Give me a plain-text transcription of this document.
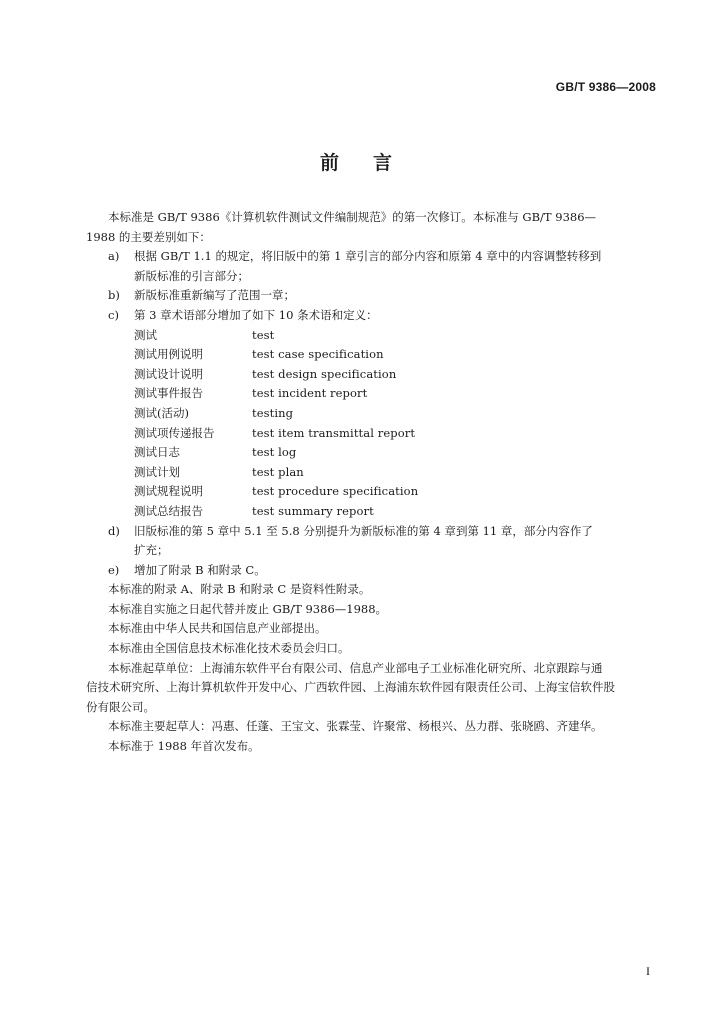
GB/T 9386—2008
前言
本标准是 GB/T 9386《计算机软件测试文件编制规范》的第一次修订。本标准与 GB/T 9386—
1988 的主要差别如下：
a) 根据 GB/T 1.1 的规定，将旧版中的第 1 章引言的部分内容和原第 4 章中的内容调整转移到
新版标准的引言部分；
b) 新版标准重新编写了范围一章；
c) 第 3 章术语部分增加了如下 10 条术语和定义：
测试	test
测试用例说明	test case specification
测试设计说明	test design specification
测试事件报告	test incident report
测试(活动)	testing
测试项传递报告	test item transmittal report
测试日志	test log
测试计划	test plan
测试规程说明	test procedure specification
测试总结报告	test summary report
d) 旧版标准的第 5 章中 5.1 至 5.8 分别提升为新版标准的第 4 章到第 11 章，部分内容作了
扩充；
e) 增加了附录 B 和附录 C。
本标准的附录 A、附录 B 和附录 C 是资料性附录。
本标准自实施之日起代替并废止 GB/T 9386—1988。
本标准由中华人民共和国信息产业部提出。
本标准由全国信息技术标准化技术委员会归口。
本标准起草单位：上海浦东软件平台有限公司、信息产业部电子工业标准化研究所、北京跟踪与通
信技术研究所、上海计算机软件开发中心、广西软件园、上海浦东软件园有限责任公司、上海宝信软件股
份有限公司。
本标准主要起草人：冯惠、任蓬、王宝文、张霖莹、许聚常、杨根兴、丛力群、张晓鸥、齐建华。
本标准于 1988 年首次发布。
I
